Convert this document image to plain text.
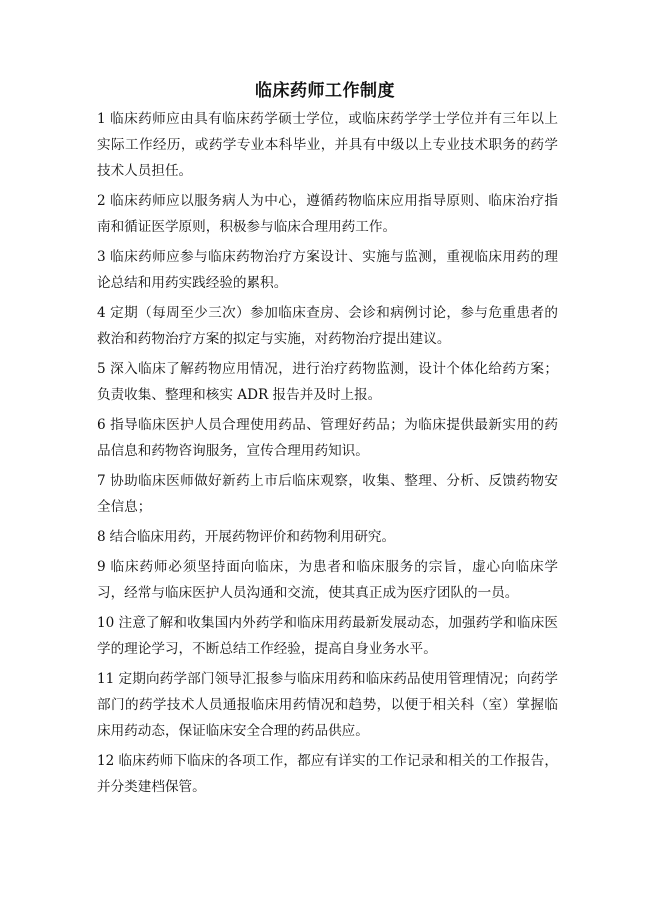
临床药师工作制度

1 临床药师应由具有临床药学硕士学位，或临床药学学士学位并有三年以上实际工作经历，或药学专业本科毕业，并具有中级以上专业技术职务的药学技术人员担任。

2 临床药师应以服务病人为中心，遵循药物临床应用指导原则、临床治疗指南和循证医学原则，积极参与临床合理用药工作。

3 临床药师应参与临床药物治疗方案设计、实施与监测，重视临床用药的理论总结和用药实践经验的累积。

4 定期（每周至少三次）参加临床查房、会诊和病例讨论，参与危重患者的救治和药物治疗方案的拟定与实施，对药物治疗提出建议。

5 深入临床了解药物应用情况，进行治疗药物监测，设计个体化给药方案；负责收集、整理和核实 ADR 报告并及时上报。

6 指导临床医护人员合理使用药品、管理好药品；为临床提供最新实用的药品信息和药物咨询服务，宣传合理用药知识。

7 协助临床医师做好新药上市后临床观察，收集、整理、分析、反馈药物安全信息；

8 结合临床用药，开展药物评价和药物利用研究。

9 临床药师必须坚持面向临床，为患者和临床服务的宗旨，虚心向临床学习，经常与临床医护人员沟通和交流，使其真正成为医疗团队的一员。

10 注意了解和收集国内外药学和临床用药最新发展动态，加强药学和临床医学的理论学习，不断总结工作经验，提高自身业务水平。

11 定期向药学部门领导汇报参与临床用药和临床药品使用管理情况；向药学部门的药学技术人员通报临床用药情况和趋势，以便于相关科（室）掌握临床用药动态，保证临床安全合理的药品供应。

12 临床药师下临床的各项工作，都应有详实的工作记录和相关的工作报告，并分类建档保管。
